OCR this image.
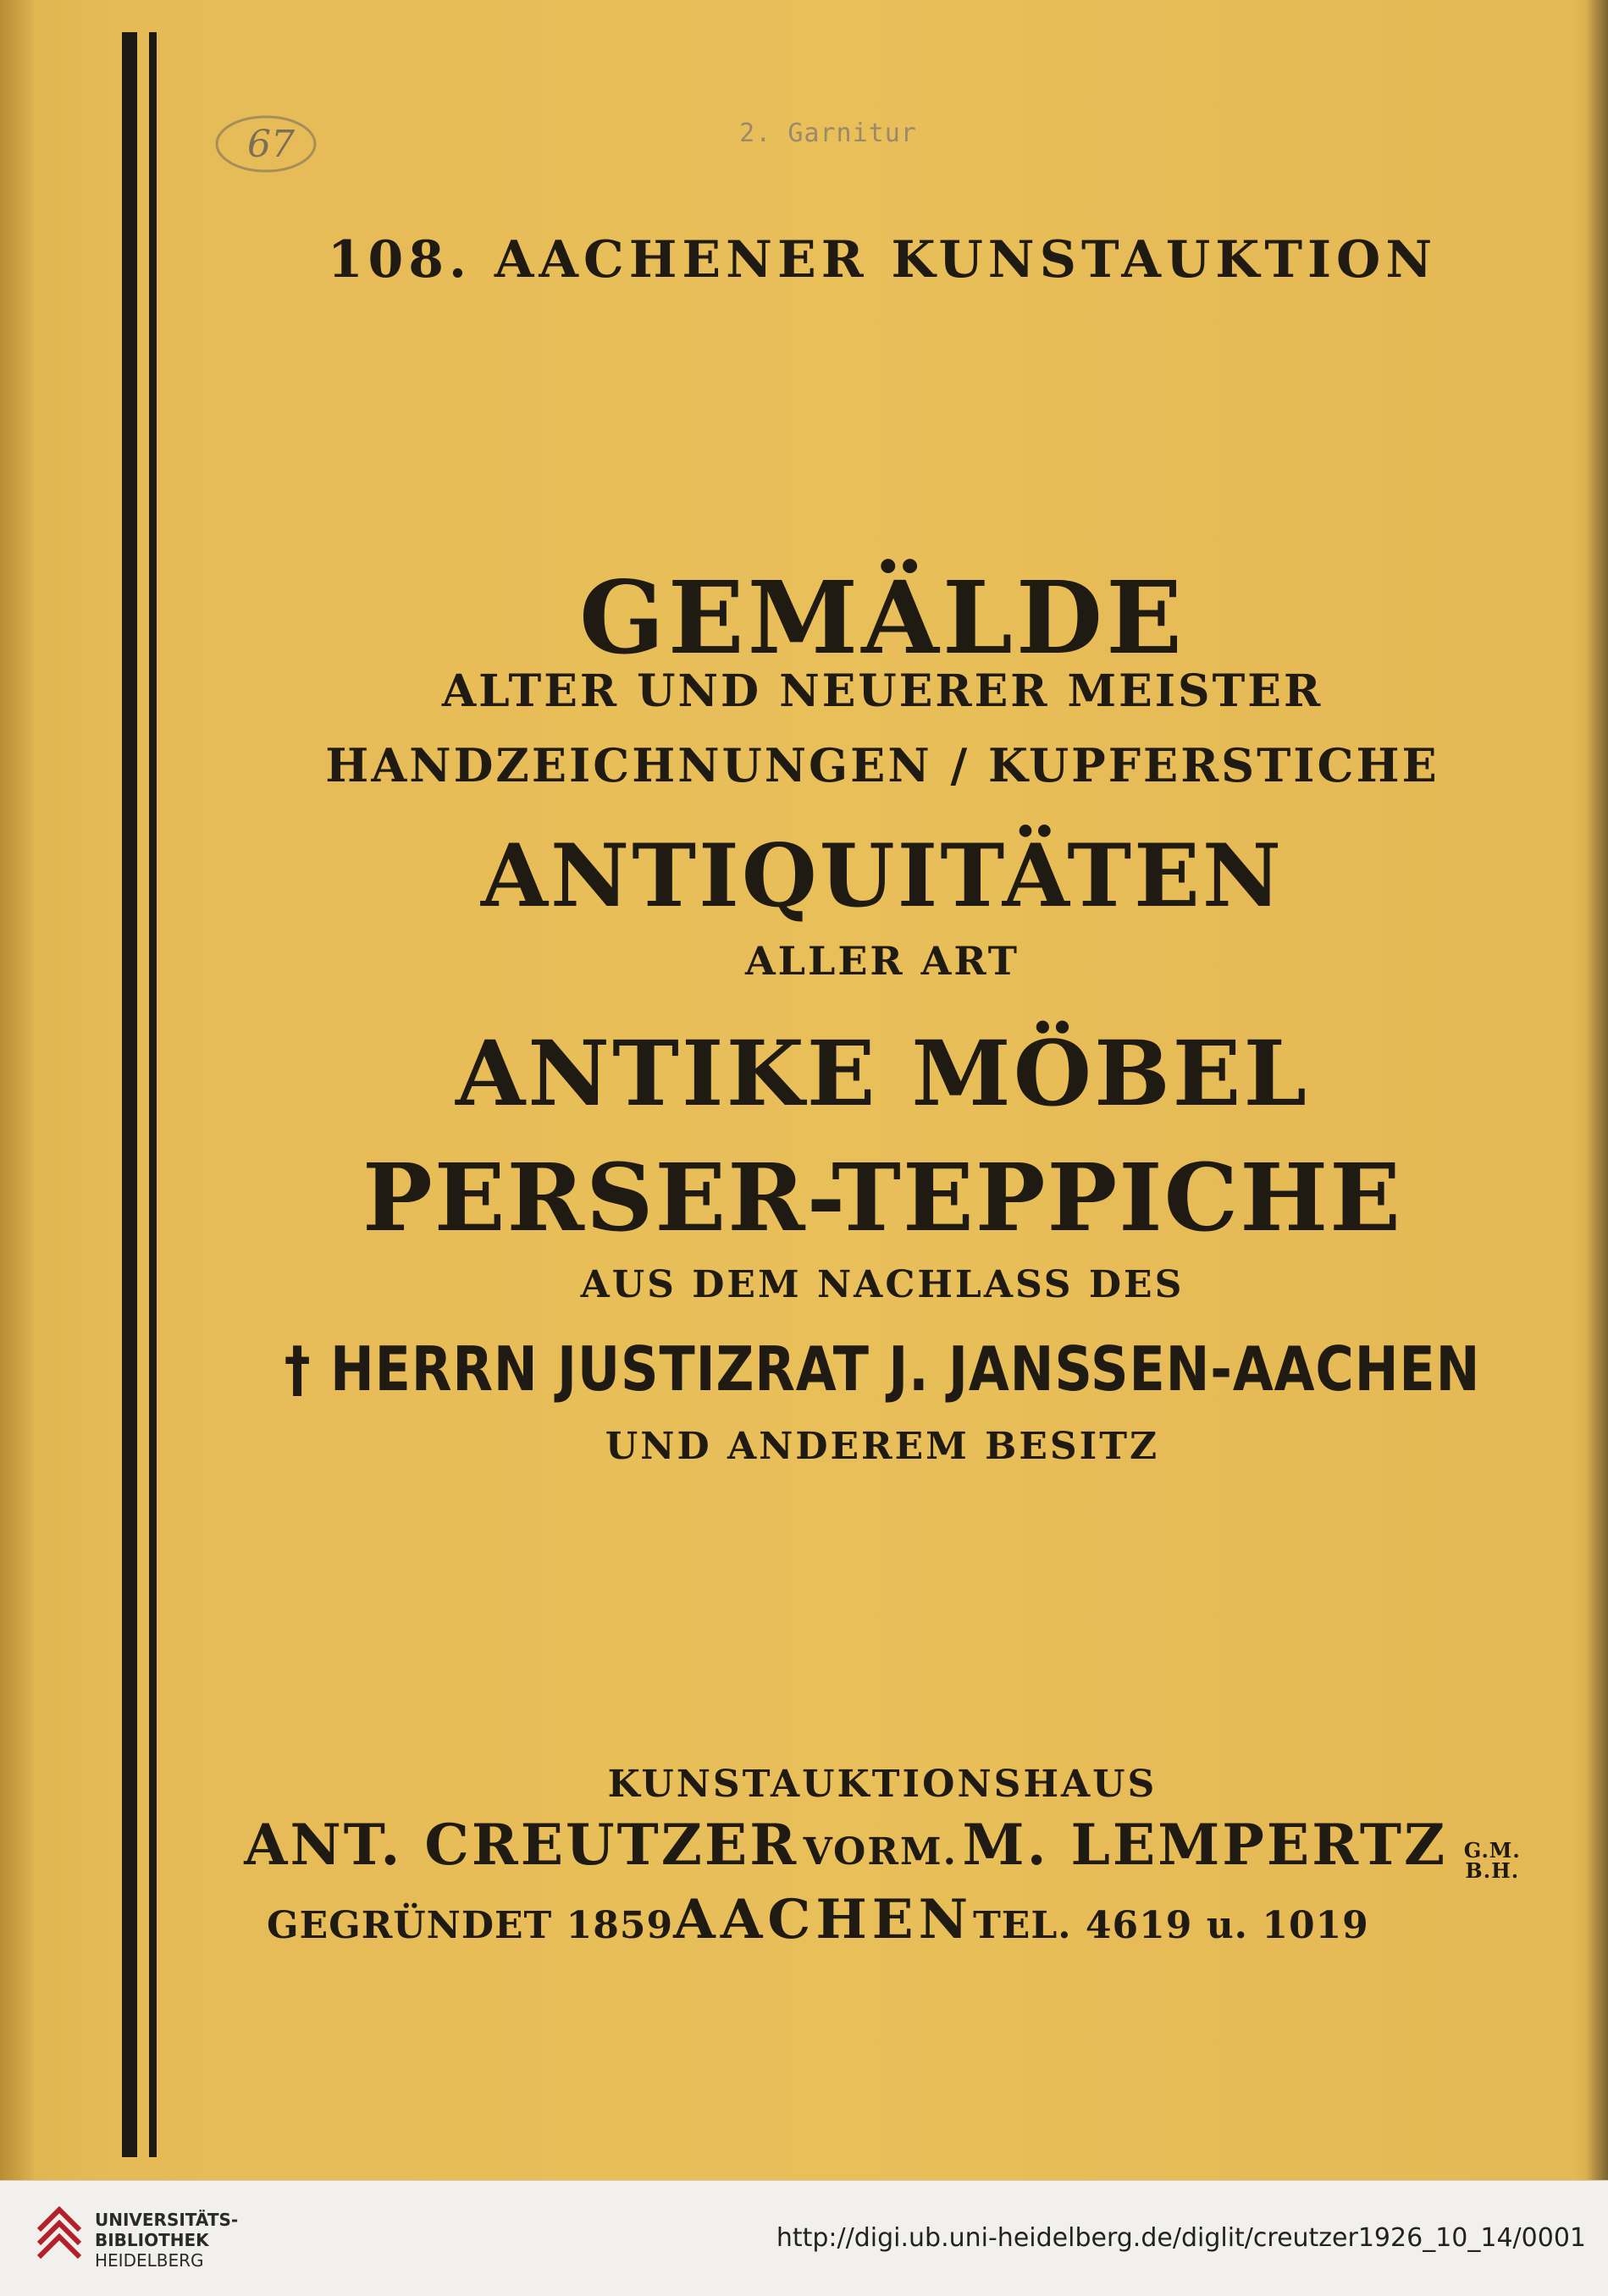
67	2. Garnitur
108. AACHENER KUNSTAUKTION
GEMÄLDE
ALTER UND NEUERER MEISTER
HANDZEICHNUNGEN / KUPFERSTICHE
ANTIQUITÄTEN
ALLER ART
ANTIKE MÖBEL
PERSER-TEPPICHE
AUS DEM NACHLASS DES
† HERRN JUSTIZRAT J. JANSSEN-AACHEN
UND ANDEREM BESITZ
KUNSTAUKTIONSHAUS
ANT. CREUTZER VORM. M. LEMPERTZ G.M.
B.H.
GEGRÜNDET 1859 AACHEN TEL. 4619 u. 1019
UNIVERSITÄTS-
BIBLIOTHEK
HEIDELBERG
http://digi.ub.uni-heidelberg.de/diglit/creutzer1926_10_14/0001
